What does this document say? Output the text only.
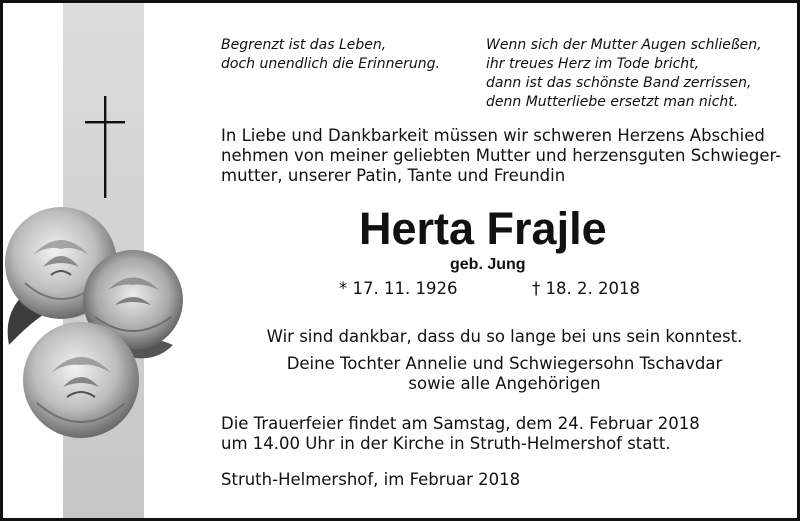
Begrenzt ist das Leben,
doch unendlich die Erinnerung.
Wenn sich der Mutter Augen schließen,
ihr treues Herz im Tode bricht,
dann ist das schönste Band zerrissen,
denn Mutterliebe ersetzt man nicht.
In Liebe und Dankbarkeit müssen wir schweren Herzens Abschied
nehmen von meiner geliebten Mutter und herzensguten Schwieger-
mutter, unserer Patin, Tante und Freundin
Herta Frajle
geb. Jung
* 17. 11. 1926	† 18. 2. 2018
Wir sind dankbar, dass du so lange bei uns sein konntest.
Deine Tochter Annelie und Schwiegersohn Tschavdar
sowie alle Angehörigen
Die Trauerfeier findet am Samstag, dem 24. Februar 2018
um 14.00 Uhr in der Kirche in Struth-Helmershof statt.
Struth-Helmershof, im Februar 2018
